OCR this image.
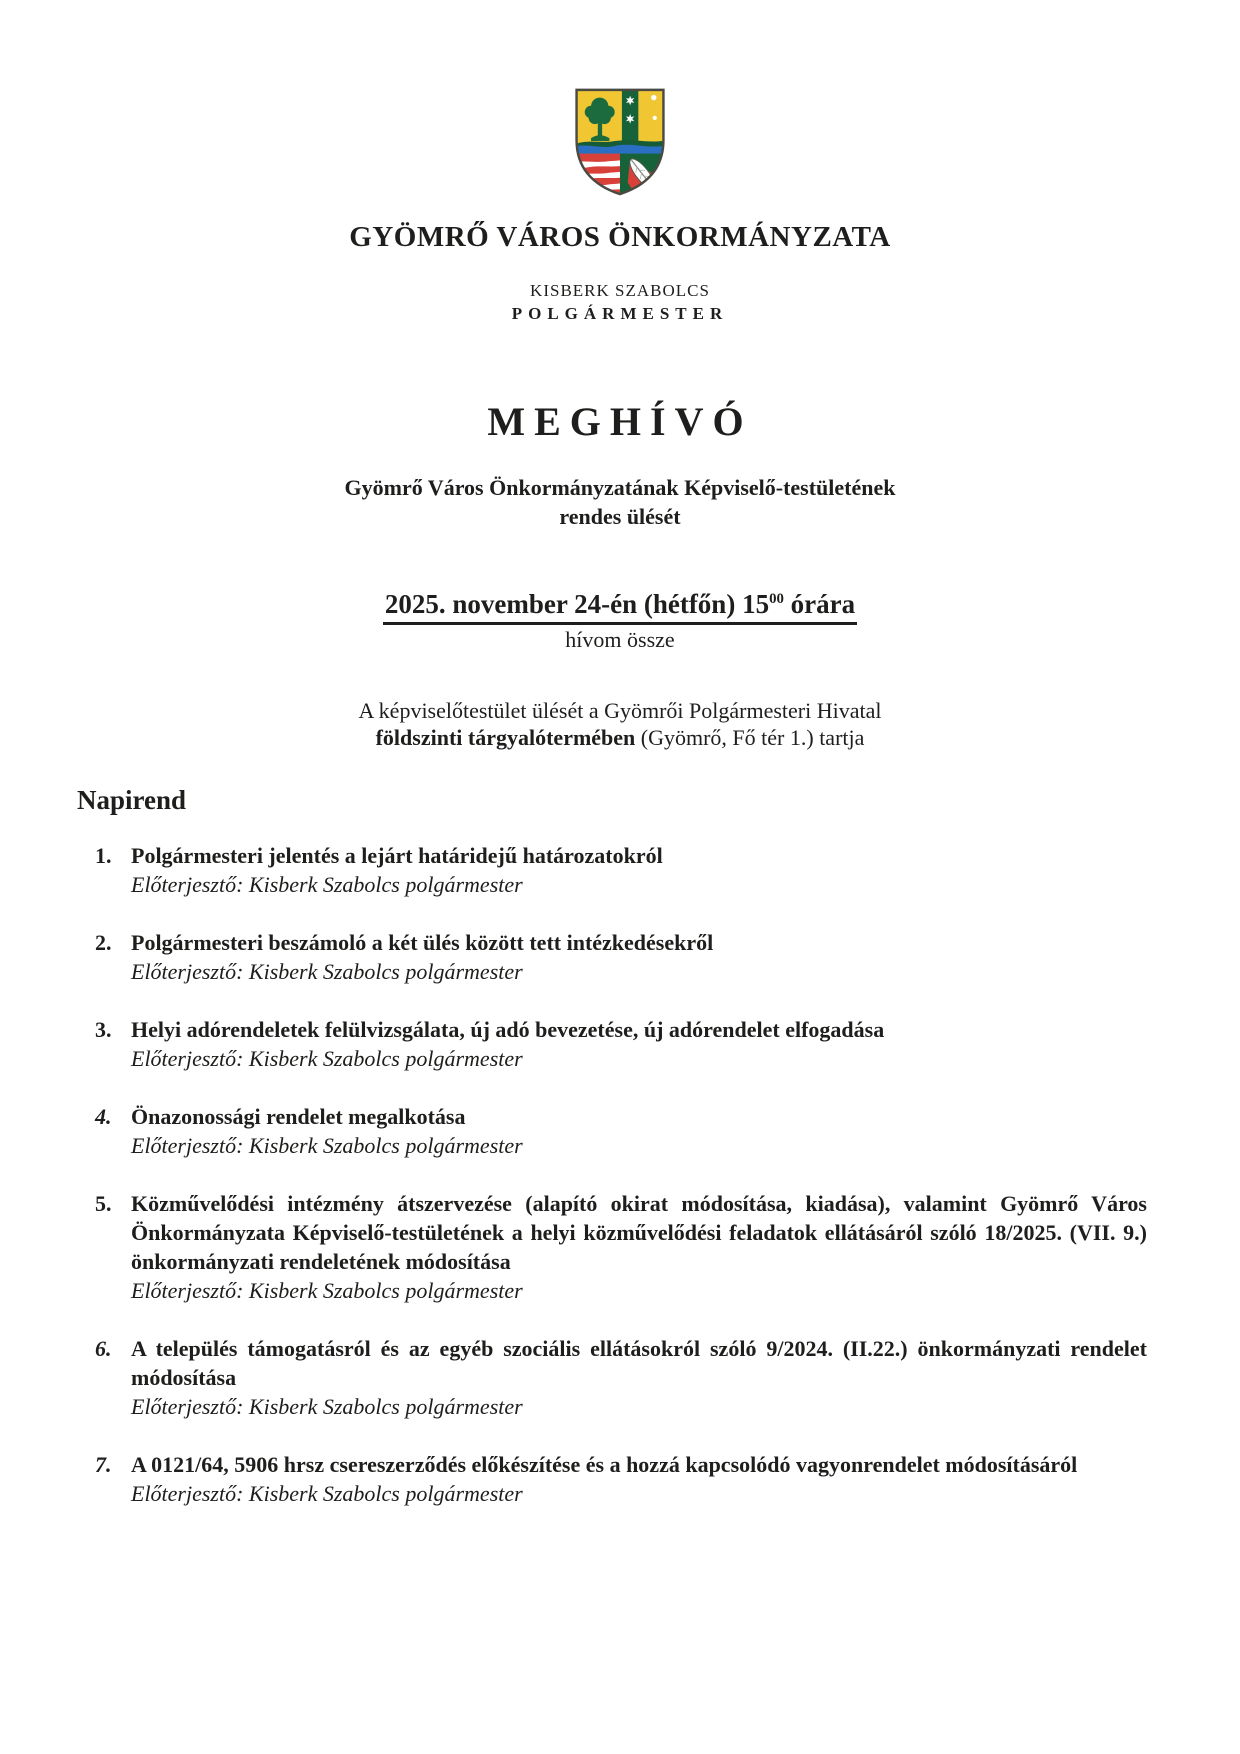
GYÖMRŐ VÁROS ÖNKORMÁNYZATA
KISBERK SZABOLCS
POLGÁRMESTER
MEGHÍVÓ
Gyömrő Város Önkormányzatának Képviselő-testületének
rendes ülését
2025. november 24-én (hétfőn) $15^{00}$ órára
hívom össze
A képviselőtestület ülését a Gyömrői Polgármesteri Hivatal
földszinti tárgyalótermében (Gyömrő, Fő tér 1.) tartja
Napirend
1. Polgármesteri jelentés a lejárt határidejű határozatokról
Előterjesztő: Kisberk Szabolcs polgármester
2. Polgármesteri beszámoló a két ülés között tett intézkedésekről
Előterjesztő: Kisberk Szabolcs polgármester
3. Helyi adórendeletek felülvizsgálata, új adó bevezetése, új adórendelet elfogadása
Előterjesztő: Kisberk Szabolcs polgármester
4. Önazonossági rendelet megalkotása
Előterjesztő: Kisberk Szabolcs polgármester
5. Közművelődési intézmény átszervezése (alapító okirat módosítása, kiadása), valamint Gyömrő Város Önkormányzata Képviselő-testületének a helyi közművelődési feladatok ellátásáról szóló 18/2025. (VII. 9.) önkormányzati rendeletének módosítása
Előterjesztő: Kisberk Szabolcs polgármester
6. A település támogatásról és az egyéb szociális ellátásokról szóló 9/2024. (II.22.) önkormányzati rendelet módosítása
Előterjesztő: Kisberk Szabolcs polgármester
7. A 0121/64, 5906 hrsz csereszerződés előkészítése és a hozzá kapcsolódó vagyonrendelet módosításáról
Előterjesztő: Kisberk Szabolcs polgármester
